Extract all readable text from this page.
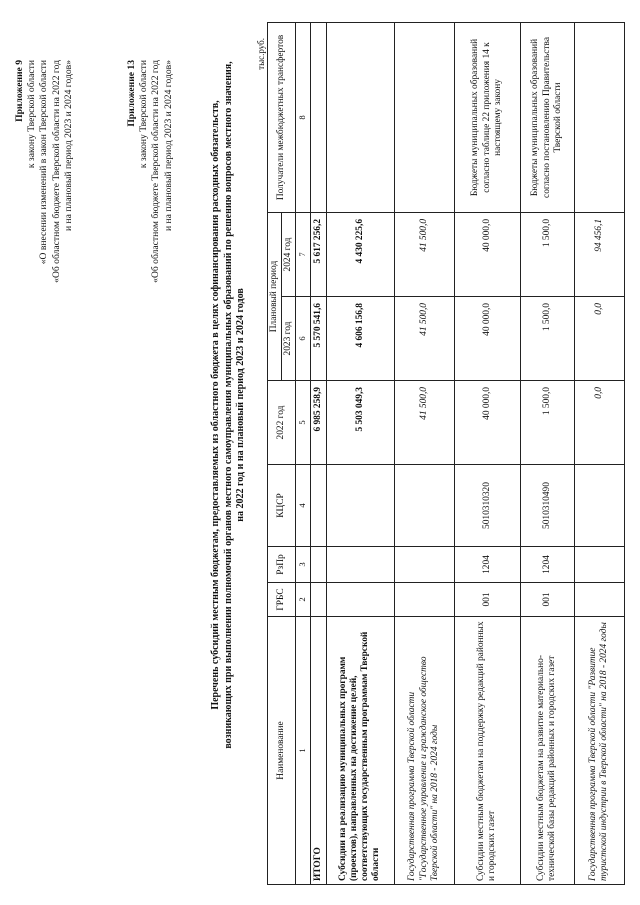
Приложение 9 к закону Тверской области «О внесении изменений в закон Тверской области «Об областном бюджете Тверской области на 2022 год и на плановый период 2023 и 2024 годов»	Приложение 13 к закону Тверской области «Об областном бюджете Тверской области на 2022 год и на плановый период 2023 и 2024 годов»	Перечень субсидий местным бюджетам, предоставляемых из областного бюджета в целях софинансирования расходных обязательств, возникающих при выполнении полномочий органов местного самоуправления муниципальных образований по решению вопросов местного значения, на 2022 год и на плановый период 2023 и 2024 годов
тыс.руб.
Наименование	ГРБС	РзПр	КЦСР	2022 год	Плановый период		Получатели межбюджетных трансфертов
					2023 год	2024 год	
1	2	3	4	5	6	7	8
ИТОГО				6 985 258,9	5 570 541,6	5 617 256,2	
Субсидии на реализацию муниципальных программ (проектов), направленных на достижение целей, соответствующих государственным программам Тверской области				5 503 049,3	4 606 156,8	4 430 225,6	
Государственная программа Тверской области "Государственное управление и гражданское общество Тверской области" на 2018 - 2024 годы				41 500,0	41 500,0	41 500,0	
Субсидии местным бюджетам на поддержку редакций районных и городских газет	001	1204	5010310320	40 000,0	40 000,0	40 000,0	Бюджеты муниципальных образований согласно таблице 22 приложения 14 к настоящему закону
Субсидии местным бюджетам на развитие материально-технической базы редакций районных и городских газет	001	1204	5010310490	1 500,0	1 500,0	1 500,0	Бюджеты муниципальных образований согласно постановлению Правительства Тверской области
Государственная программа Тверской области "Развитие туристской индустрии в Тверской области" на 2018 - 2024 годы				0,0	0,0	94 456,1	
